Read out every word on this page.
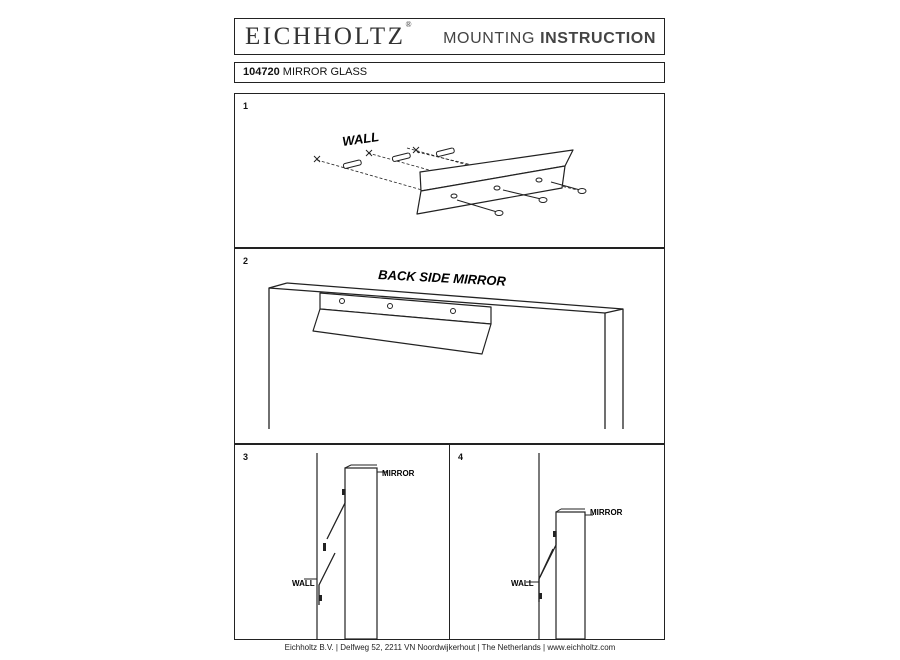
EICHHOLTZ®
MOUNTING INSTRUCTION
104720 MIRROR GLASS
1
WALL
2
BACK SIDE MIRROR
3
MIRROR
WALL
4
MIRROR
WALL
Eichholtz B.V. | Delfweg 52, 2211 VN Noordwijkerhout | The Netherlands | www.eichholtz.com
